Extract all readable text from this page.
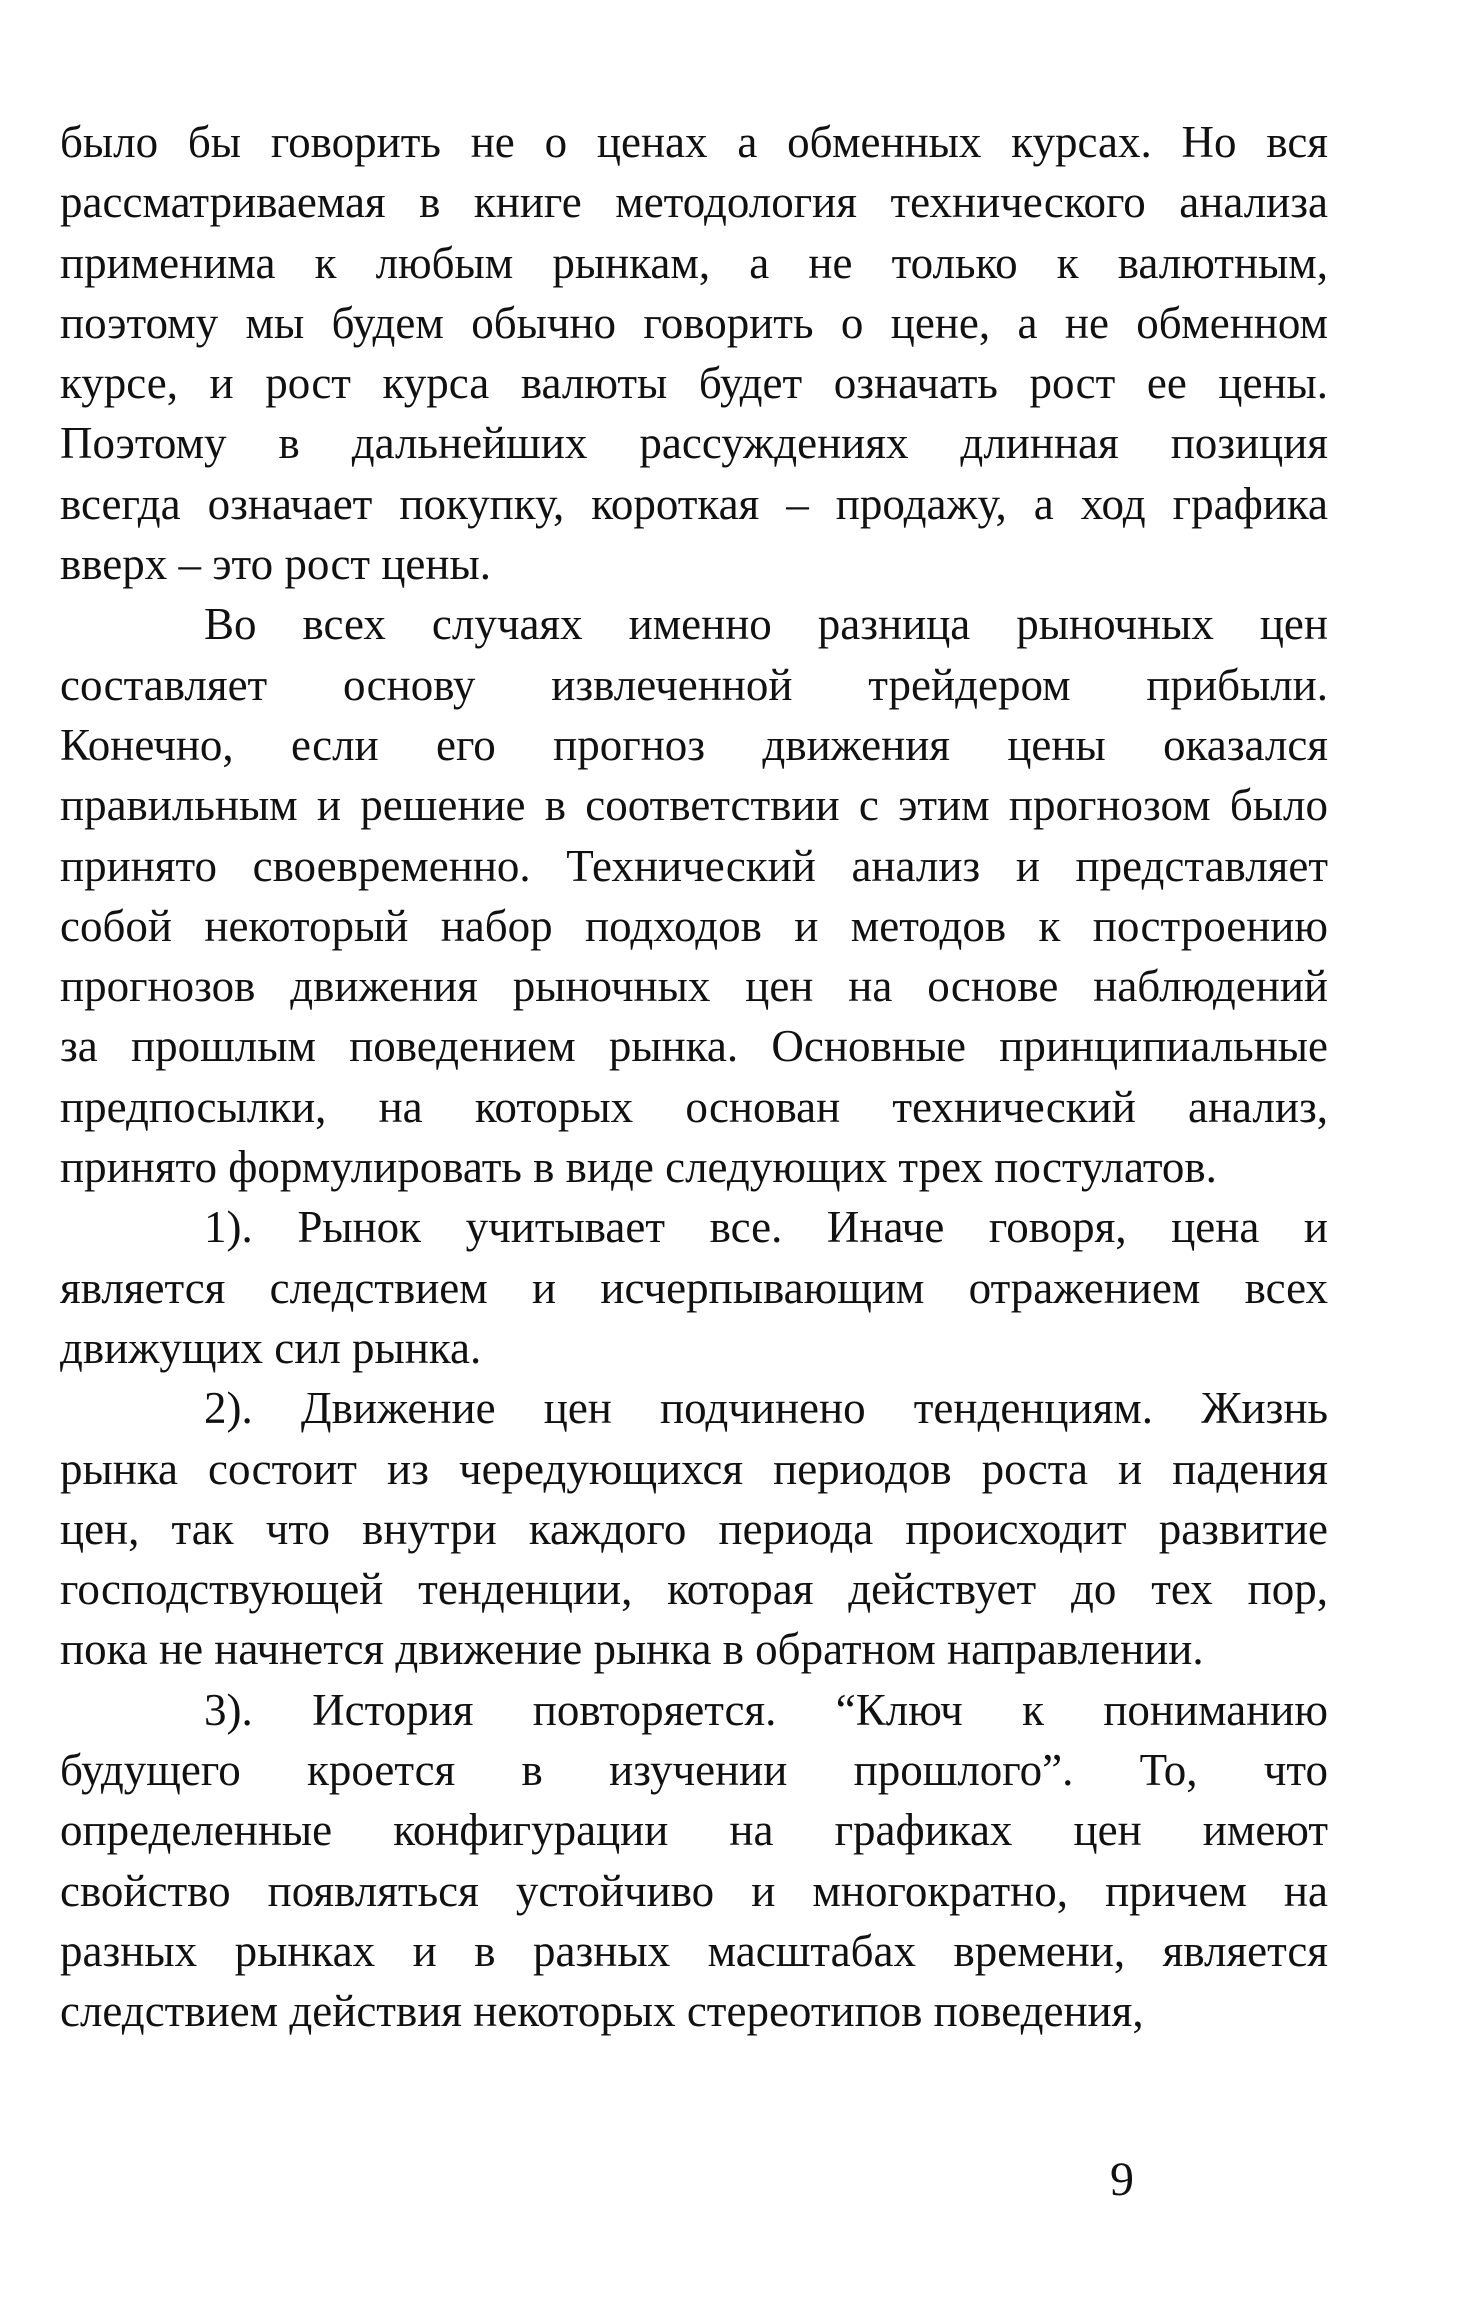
было бы говорить не о ценах а обменных курсах. Но вся
рассматриваемая в книге методология технического анализа
применима к любым рынкам, а не только к валютным,
поэтому мы будем обычно говорить о цене, а не обменном
курсе, и рост курса валюты будет означать рост ее цены.
Поэтому в дальнейших рассуждениях длинная позиция
всегда означает покупку, короткая – продажу, а ход графика
вверх – это рост цены.
Во всех случаях именно разница рыночных цен
составляет основу извлеченной трейдером прибыли.
Конечно, если его прогноз движения цены оказался
правильным и решение в соответствии с этим прогнозом было
принято своевременно. Технический анализ и представляет
собой некоторый набор подходов и методов к построению
прогнозов движения рыночных цен на основе наблюдений
за прошлым поведением рынка. Основные принципиальные
предпосылки, на которых основан технический анализ,
принято формулировать в виде следующих трех постулатов.
1). Рынок учитывает все. Иначе говоря, цена и
является следствием и исчерпывающим отражением всех
движущих сил рынка.
2). Движение цен подчинено тенденциям. Жизнь
рынка состоит из чередующихся периодов роста и падения
цен, так что внутри каждого периода происходит развитие
господствующей тенденции, которая действует до тех пор,
пока не начнется движение рынка в обратном направлении.
3). История повторяется. “Ключ к пониманию
будущего кроется в изучении прошлого”. То, что
определенные конфигурации на графиках цен имеют
свойство появляться устойчиво и многократно, причем на
разных рынках и в разных масштабах времени, является
следствием действия некоторых стереотипов поведения,
9
